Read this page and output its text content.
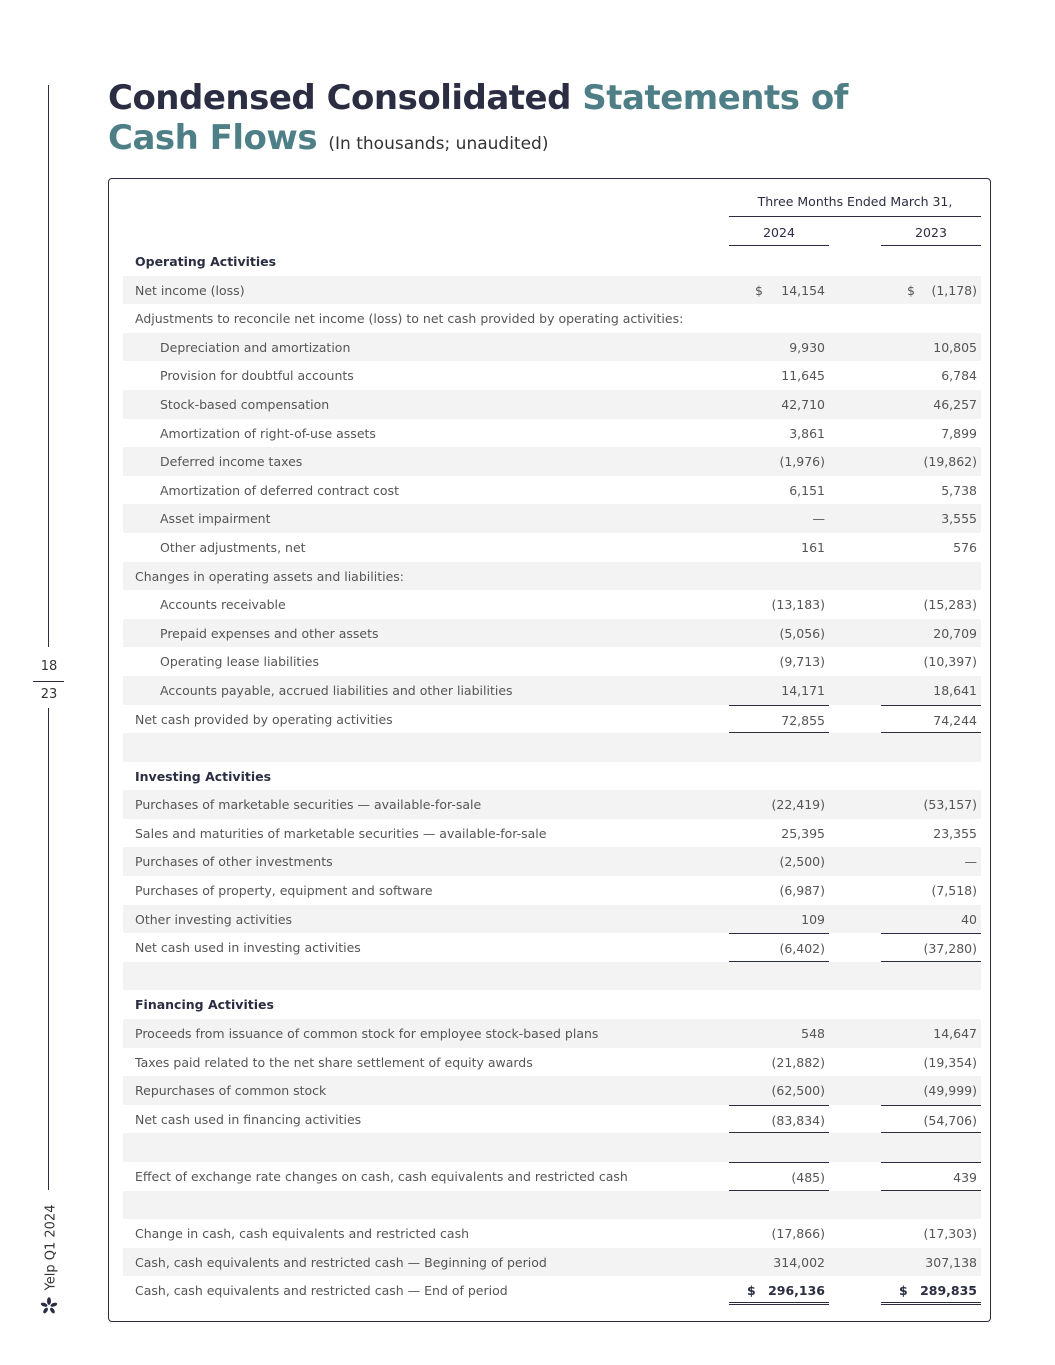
18
23
Yelp Q1 2024
Condensed Consolidated Statements of
Cash Flows (In thousands; unaudited)
Three Months Ended March 31,
2024	2023
Operating Activities
Net income (loss)	$ 14,154	$ (1,178)
Adjustments to reconcile net income (loss) to net cash provided by operating activities:
Depreciation and amortization	9,930	10,805
Provision for doubtful accounts	11,645	6,784
Stock-based compensation	42,710	46,257
Amortization of right-of-use assets	3,861	7,899
Deferred income taxes	(1,976)	(19,862)
Amortization of deferred contract cost	6,151	5,738
Asset impairment	—	3,555
Other adjustments, net	161	576
Changes in operating assets and liabilities:
Accounts receivable	(13,183)	(15,283)
Prepaid expenses and other assets	(5,056)	20,709
Operating lease liabilities	(9,713)	(10,397)
Accounts payable, accrued liabilities and other liabilities	14,171	18,641
Net cash provided by operating activities	72,855	74,244
Investing Activities
Purchases of marketable securities — available-for-sale	(22,419)	(53,157)
Sales and maturities of marketable securities — available-for-sale	25,395	23,355
Purchases of other investments	(2,500)	—
Purchases of property, equipment and software	(6,987)	(7,518)
Other investing activities	109	40
Net cash used in investing activities	(6,402)	(37,280)
Financing Activities
Proceeds from issuance of common stock for employee stock-based plans	548	14,647
Taxes paid related to the net share settlement of equity awards	(21,882)	(19,354)
Repurchases of common stock	(62,500)	(49,999)
Net cash used in financing activities	(83,834)	(54,706)
Effect of exchange rate changes on cash, cash equivalents and restricted cash	(485)	439
Change in cash, cash equivalents and restricted cash	(17,866)	(17,303)
Cash, cash equivalents and restricted cash — Beginning of period	314,002	307,138
Cash, cash equivalents and restricted cash — End of period	$ 296,136	$ 289,835
